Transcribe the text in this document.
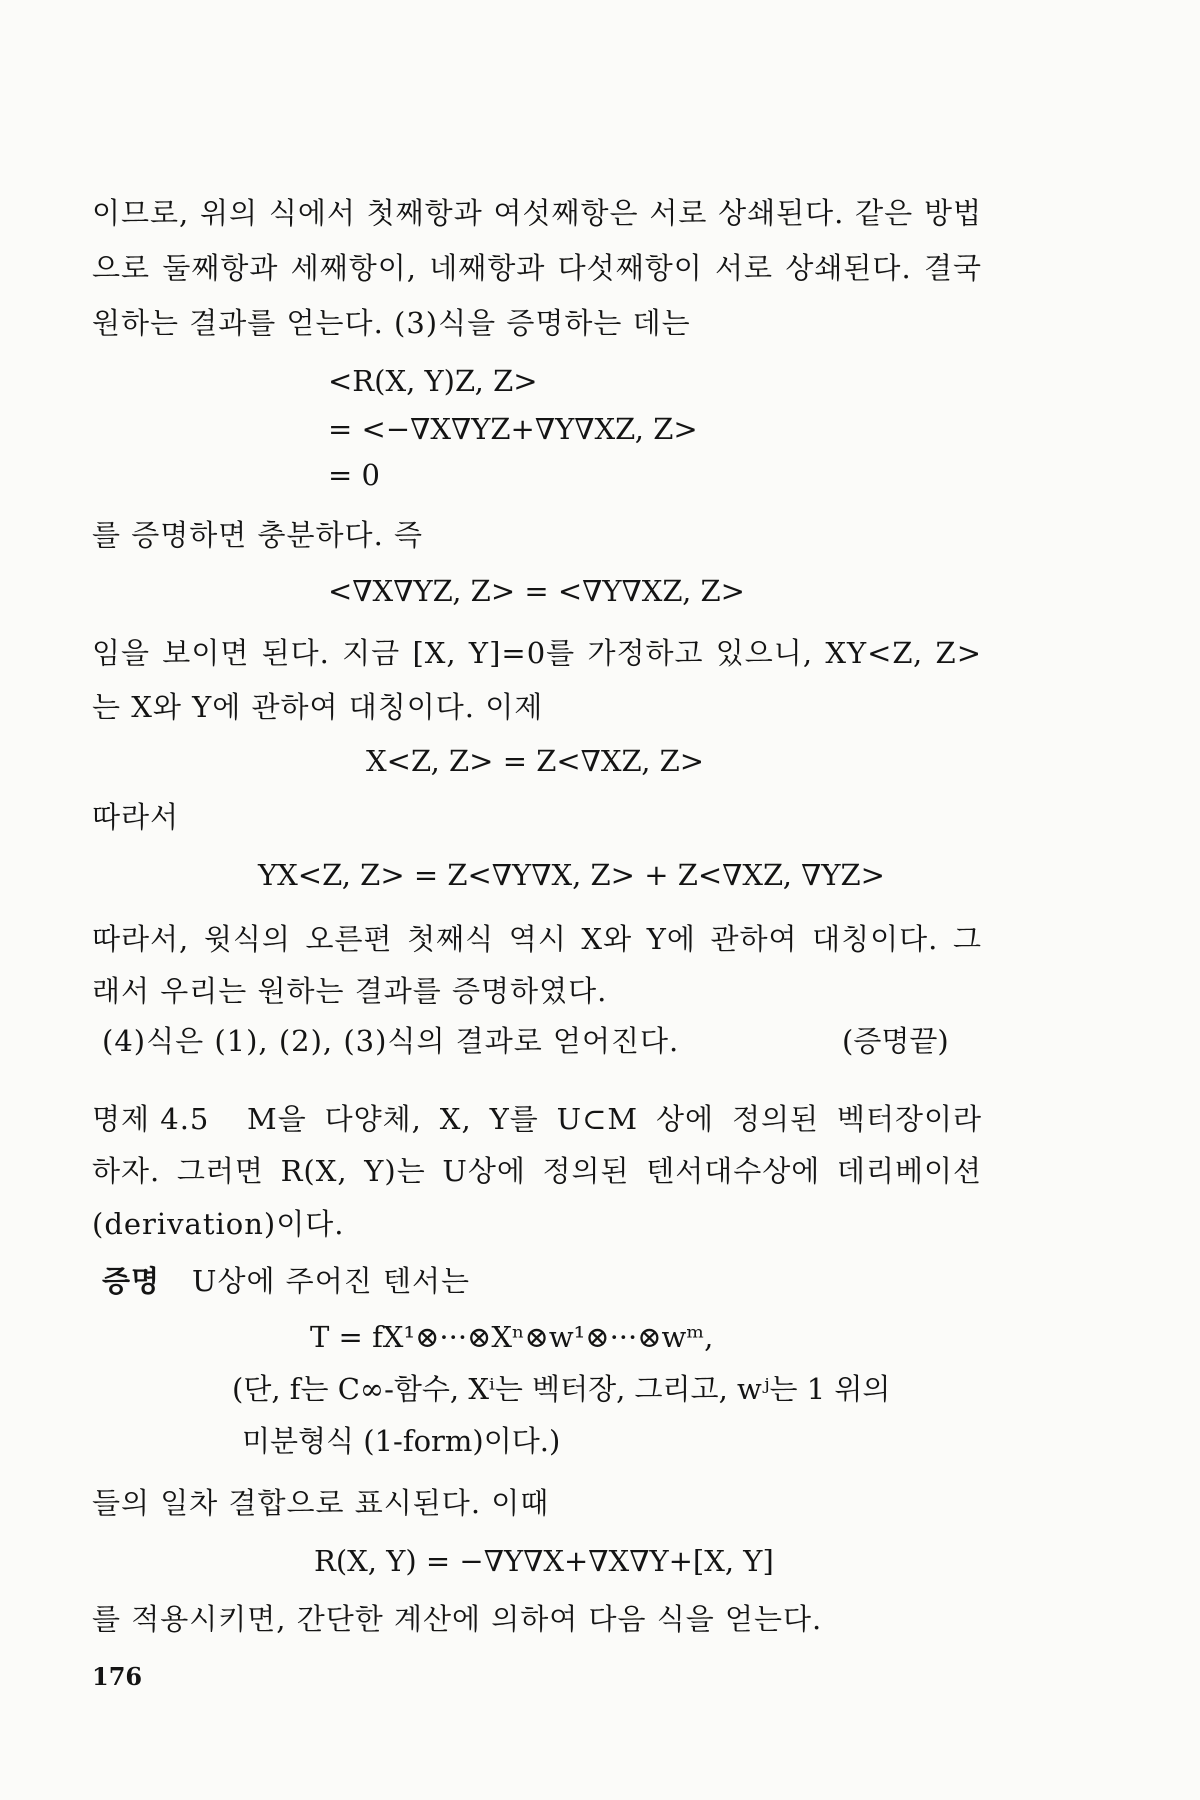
이므로, 위의 식에서 첫째항과 여섯째항은 서로 상쇄된다. 같은 방법
으로 둘째항과 세째항이, 네째항과 다섯째항이 서로 상쇄된다. 결국
원하는 결과를 얻는다. (3)식을 증명하는 데는
<R(X, Y)Z, Z>
= <−∇X∇YZ+∇Y∇XZ, Z>
= 0
를 증명하면 충분하다. 즉
<∇X∇YZ, Z> = <∇Y∇XZ, Z>
임을 보이면 된다. 지금 [X, Y]=0를 가정하고 있으니, XY<Z, Z>
는 X와 Y에 관하여 대칭이다. 이제
X<Z, Z> = Z<∇XZ, Z>
따라서
YX<Z, Z> = Z<∇Y∇X, Z> + Z<∇XZ, ∇YZ>
따라서, 윗식의 오른편 첫째식 역시 X와 Y에 관하여 대칭이다. 그
래서 우리는 원하는 결과를 증명하였다.
(4)식은 (1), (2), (3)식의 결과로 얻어진다.	(증명끝)
명제 4.5	M을 다양체, X, Y를 U⊂M 상에 정의된 벡터장이라
하자. 그러면 R(X, Y)는 U상에 정의된 텐서대수상에 데리베이션
(derivation)이다.
증명	U상에 주어진 텐서는
T = fX¹⊗···⊗Xⁿ⊗w¹⊗···⊗wᵐ,
(단, f는 C∞-함수, Xⁱ는 벡터장, 그리고, wʲ는 1 위의
미분형식 (1-form)이다.)
들의 일차 결합으로 표시된다. 이때
R(X, Y) = −∇Y∇X+∇X∇Y+[X, Y]
를 적용시키면, 간단한 계산에 의하여 다음 식을 얻는다.
176
